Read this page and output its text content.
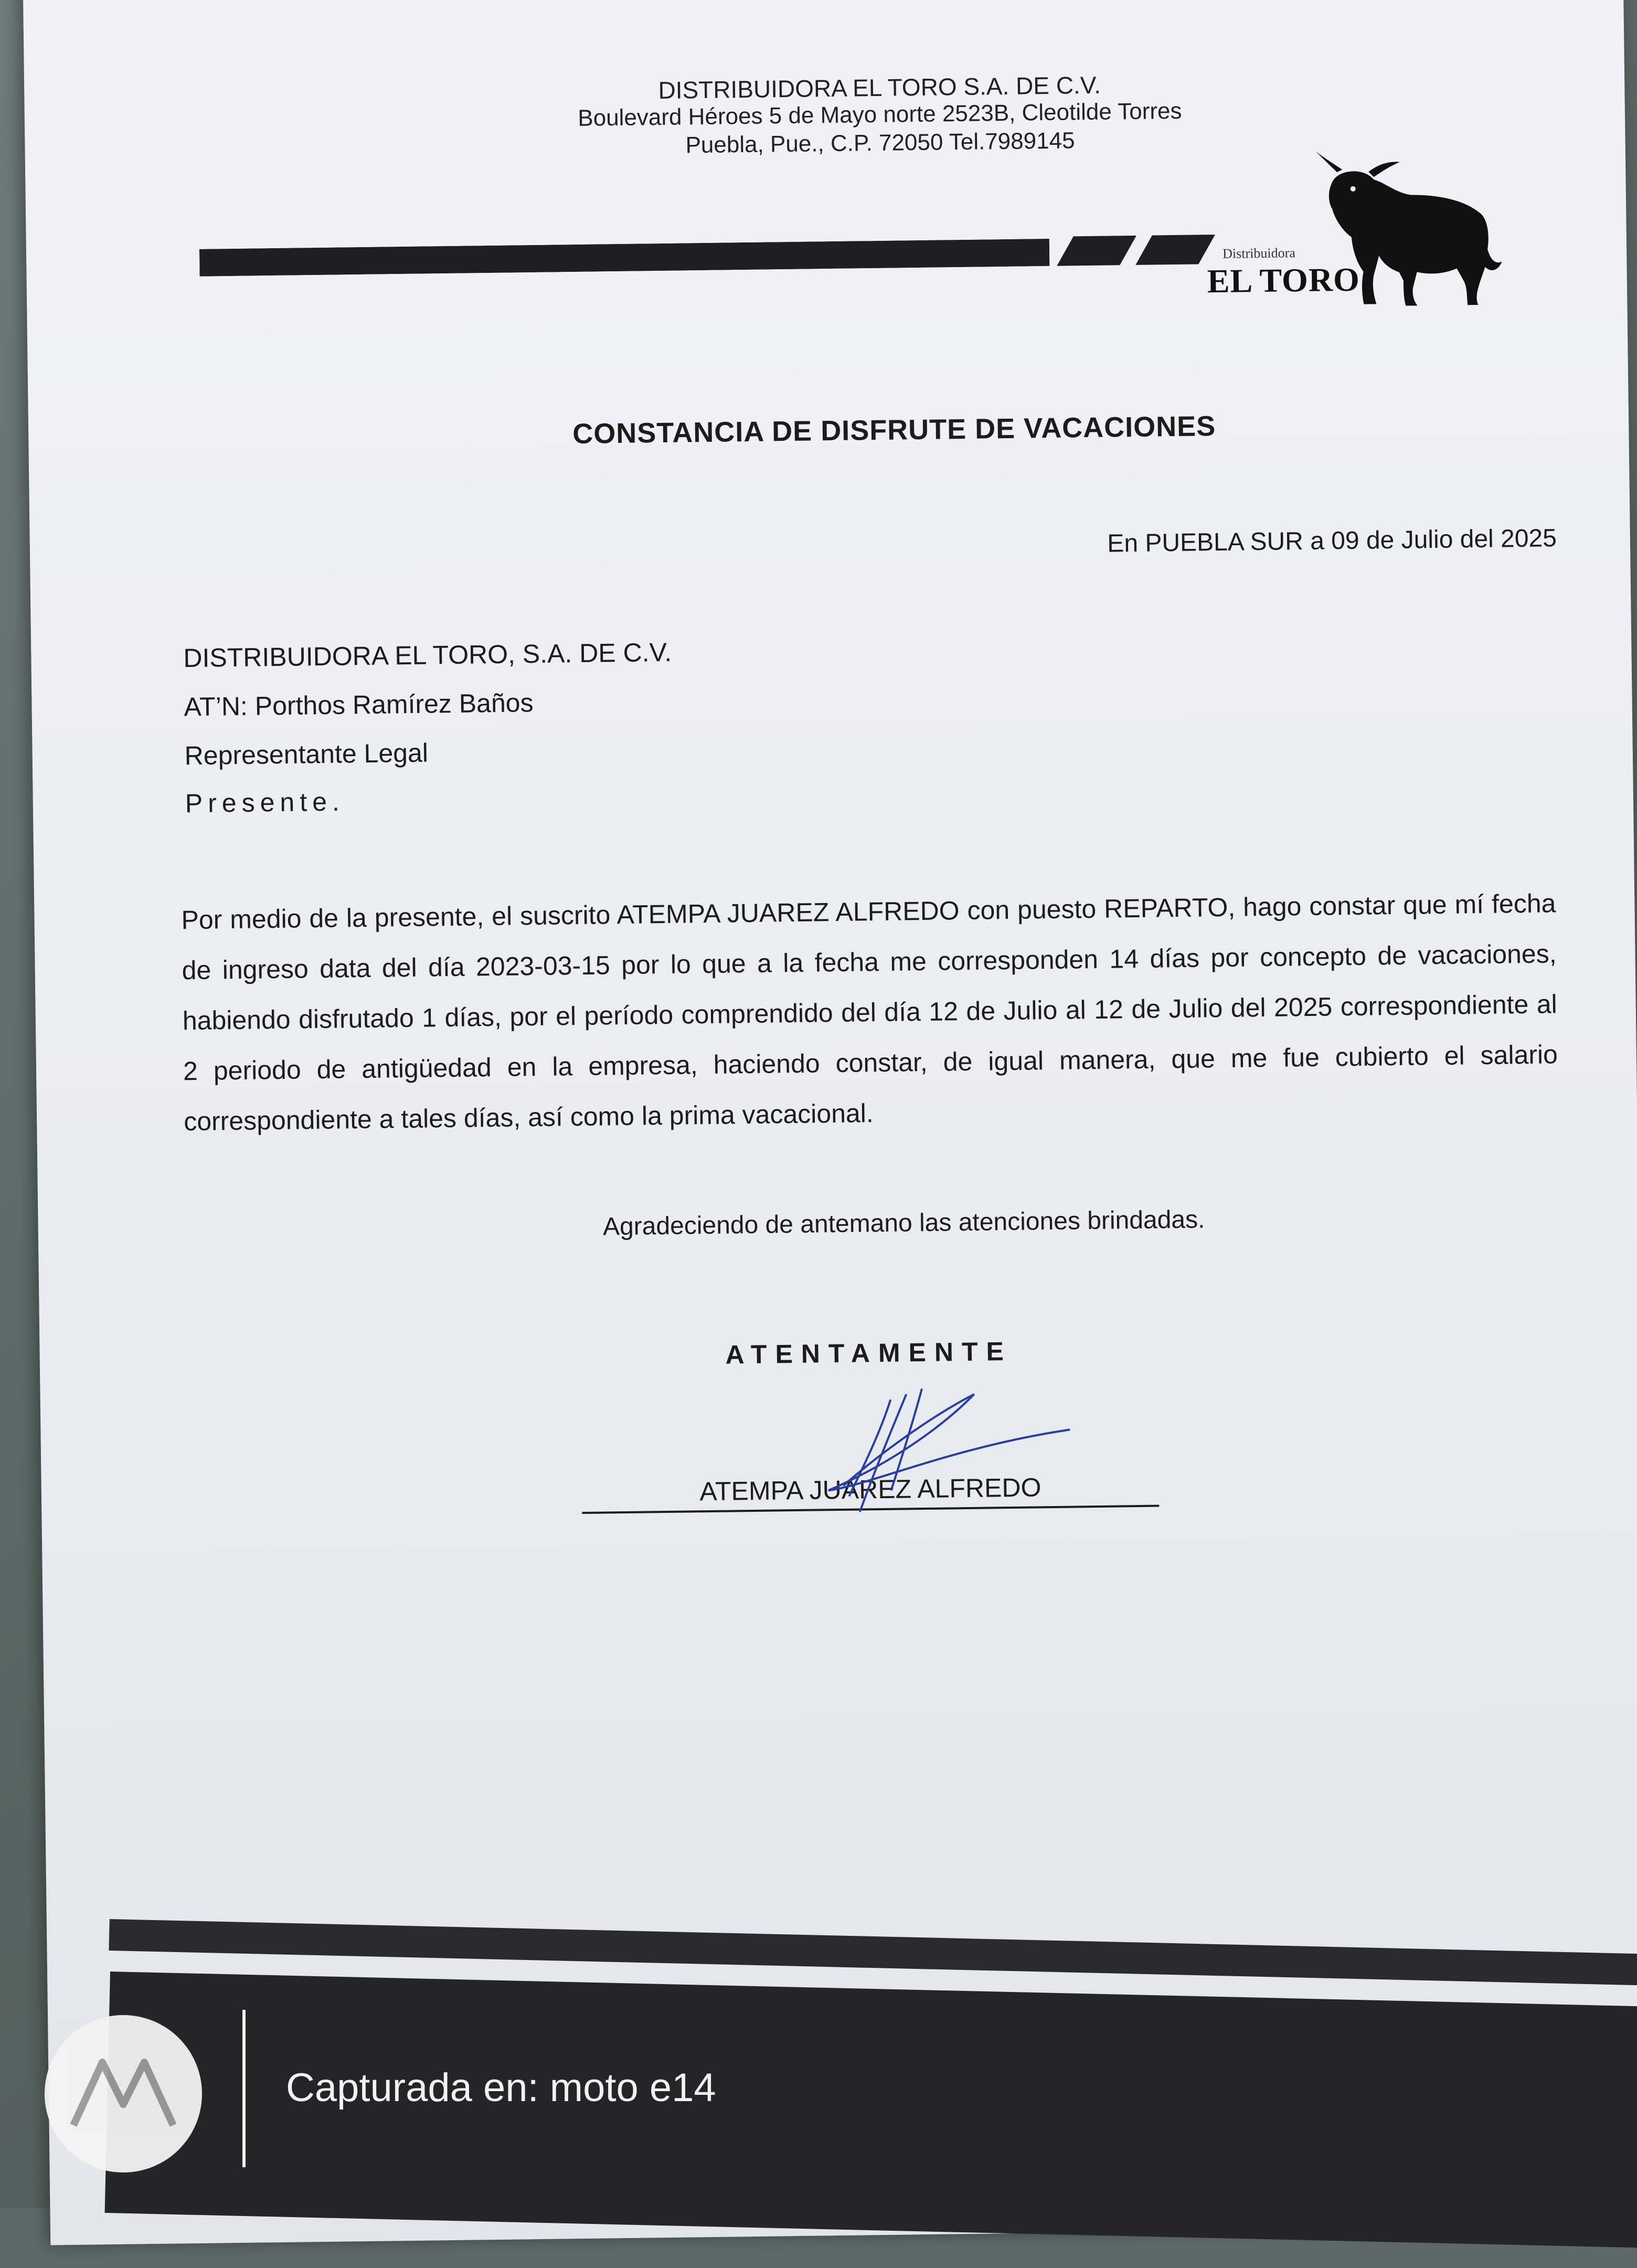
DISTRIBUIDORA EL TORO S.A. DE C.V.
Boulevard Héroes 5 de Mayo norte 2523B, Cleotilde Torres
Puebla, Pue., C.P. 72050 Tel.7989145
Distribuidora
EL TORO
CONSTANCIA DE DISFRUTE DE VACACIONES
En PUEBLA SUR a 09 de Julio del 2025
DISTRIBUIDORA EL TORO, S.A. DE C.V.
AT’N: Porthos Ramírez Baños
Representante Legal
Presente.
Por medio de la presente, el suscrito ATEMPA JUAREZ ALFREDO con puesto REPARTO, hago constar que mí fecha de ingreso data del día 2023-03-15 por lo que a la fecha me corresponden 14 días por concepto de vacaciones, habiendo disfrutado 1 días, por el período comprendido del día 12 de Julio al 12 de Julio del 2025 correspondiente al 2 periodo de antigüedad en la empresa, haciendo constar, de igual manera, que me fue cubierto el salario correspondiente a tales días, así como la prima vacacional.
Agradeciendo de antemano las atenciones brindadas.
ATENTAMENTE
ATEMPA JUAREZ ALFREDO
Capturada en: moto e14
